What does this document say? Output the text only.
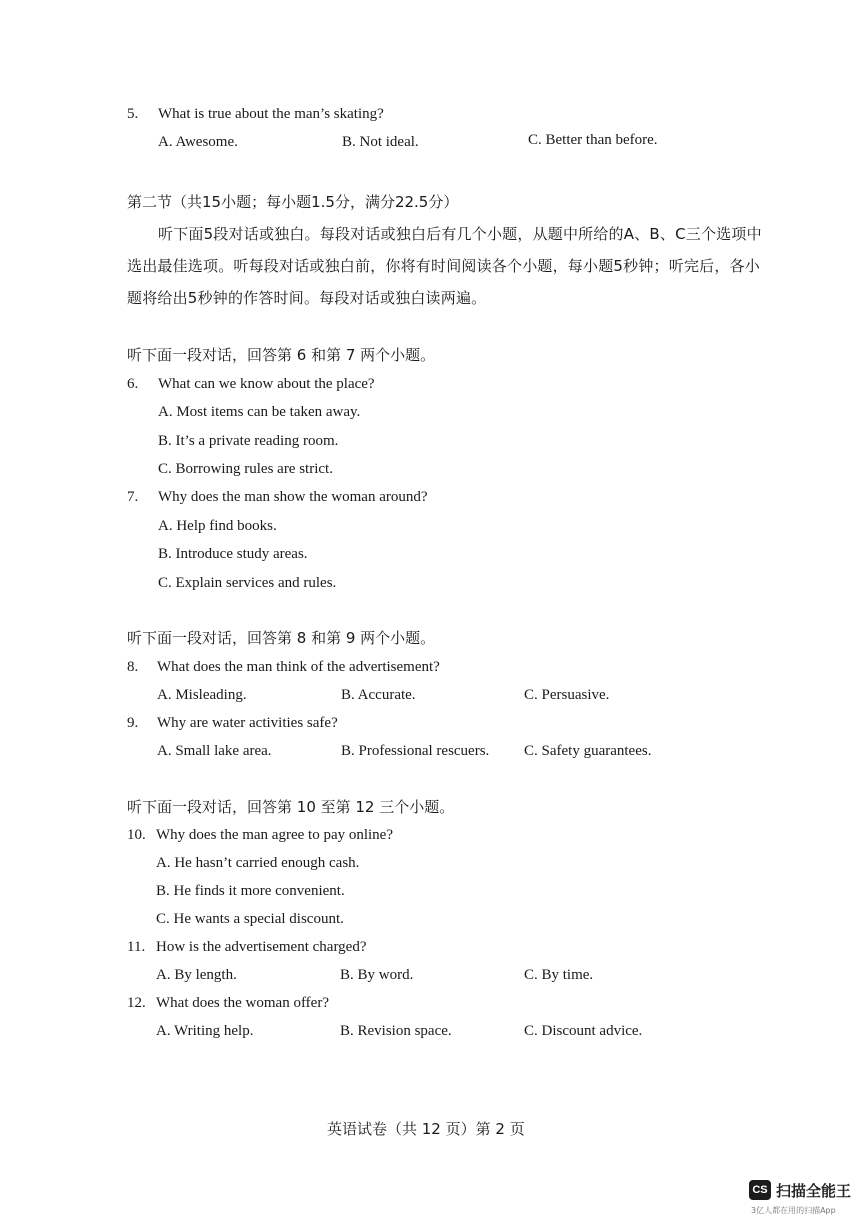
5. What is true about the man’s skating?
A. Awesome.	B. Not ideal.	C. Better than before.
第二节（共15小题；每小题1.5分，满分22.5分）
听下面5段对话或独白。每段对话或独白后有几个小题，从题中所给的A、B、C三个选项中
选出最佳选项。听每段对话或独白前，你将有时间阅读各个小题，每小题5秒钟；听完后，各小
题将给出5秒钟的作答时间。每段对话或独白读两遍。
听下面一段对话，回答第 6 和第 7 两个小题。
6. What can we know about the place?
A. Most items can be taken away.
B. It’s a private reading room.
C. Borrowing rules are strict.
7. Why does the man show the woman around?
A. Help find books.
B. Introduce study areas.
C. Explain services and rules.
听下面一段对话，回答第 8 和第 9 两个小题。
8. What does the man think of the advertisement?
A. Misleading.	B. Accurate.	C. Persuasive.
9. Why are water activities safe?
A. Small lake area.	B. Professional rescuers. C. Safety guarantees.
听下面一段对话，回答第 10 至第 12 三个小题。
10. Why does the man agree to pay online?
A. He hasn’t carried enough cash.
B. He finds it more convenient.
C. He wants a special discount.
11. How is the advertisement charged?
A. By length.	B. By word.	C. By time.
12. What does the woman offer?
A. Writing help.	B. Revision space.	C. Discount advice.
英语试卷（共 12 页）第 2 页
CS 扫描全能王
3亿人都在用的扫描App
